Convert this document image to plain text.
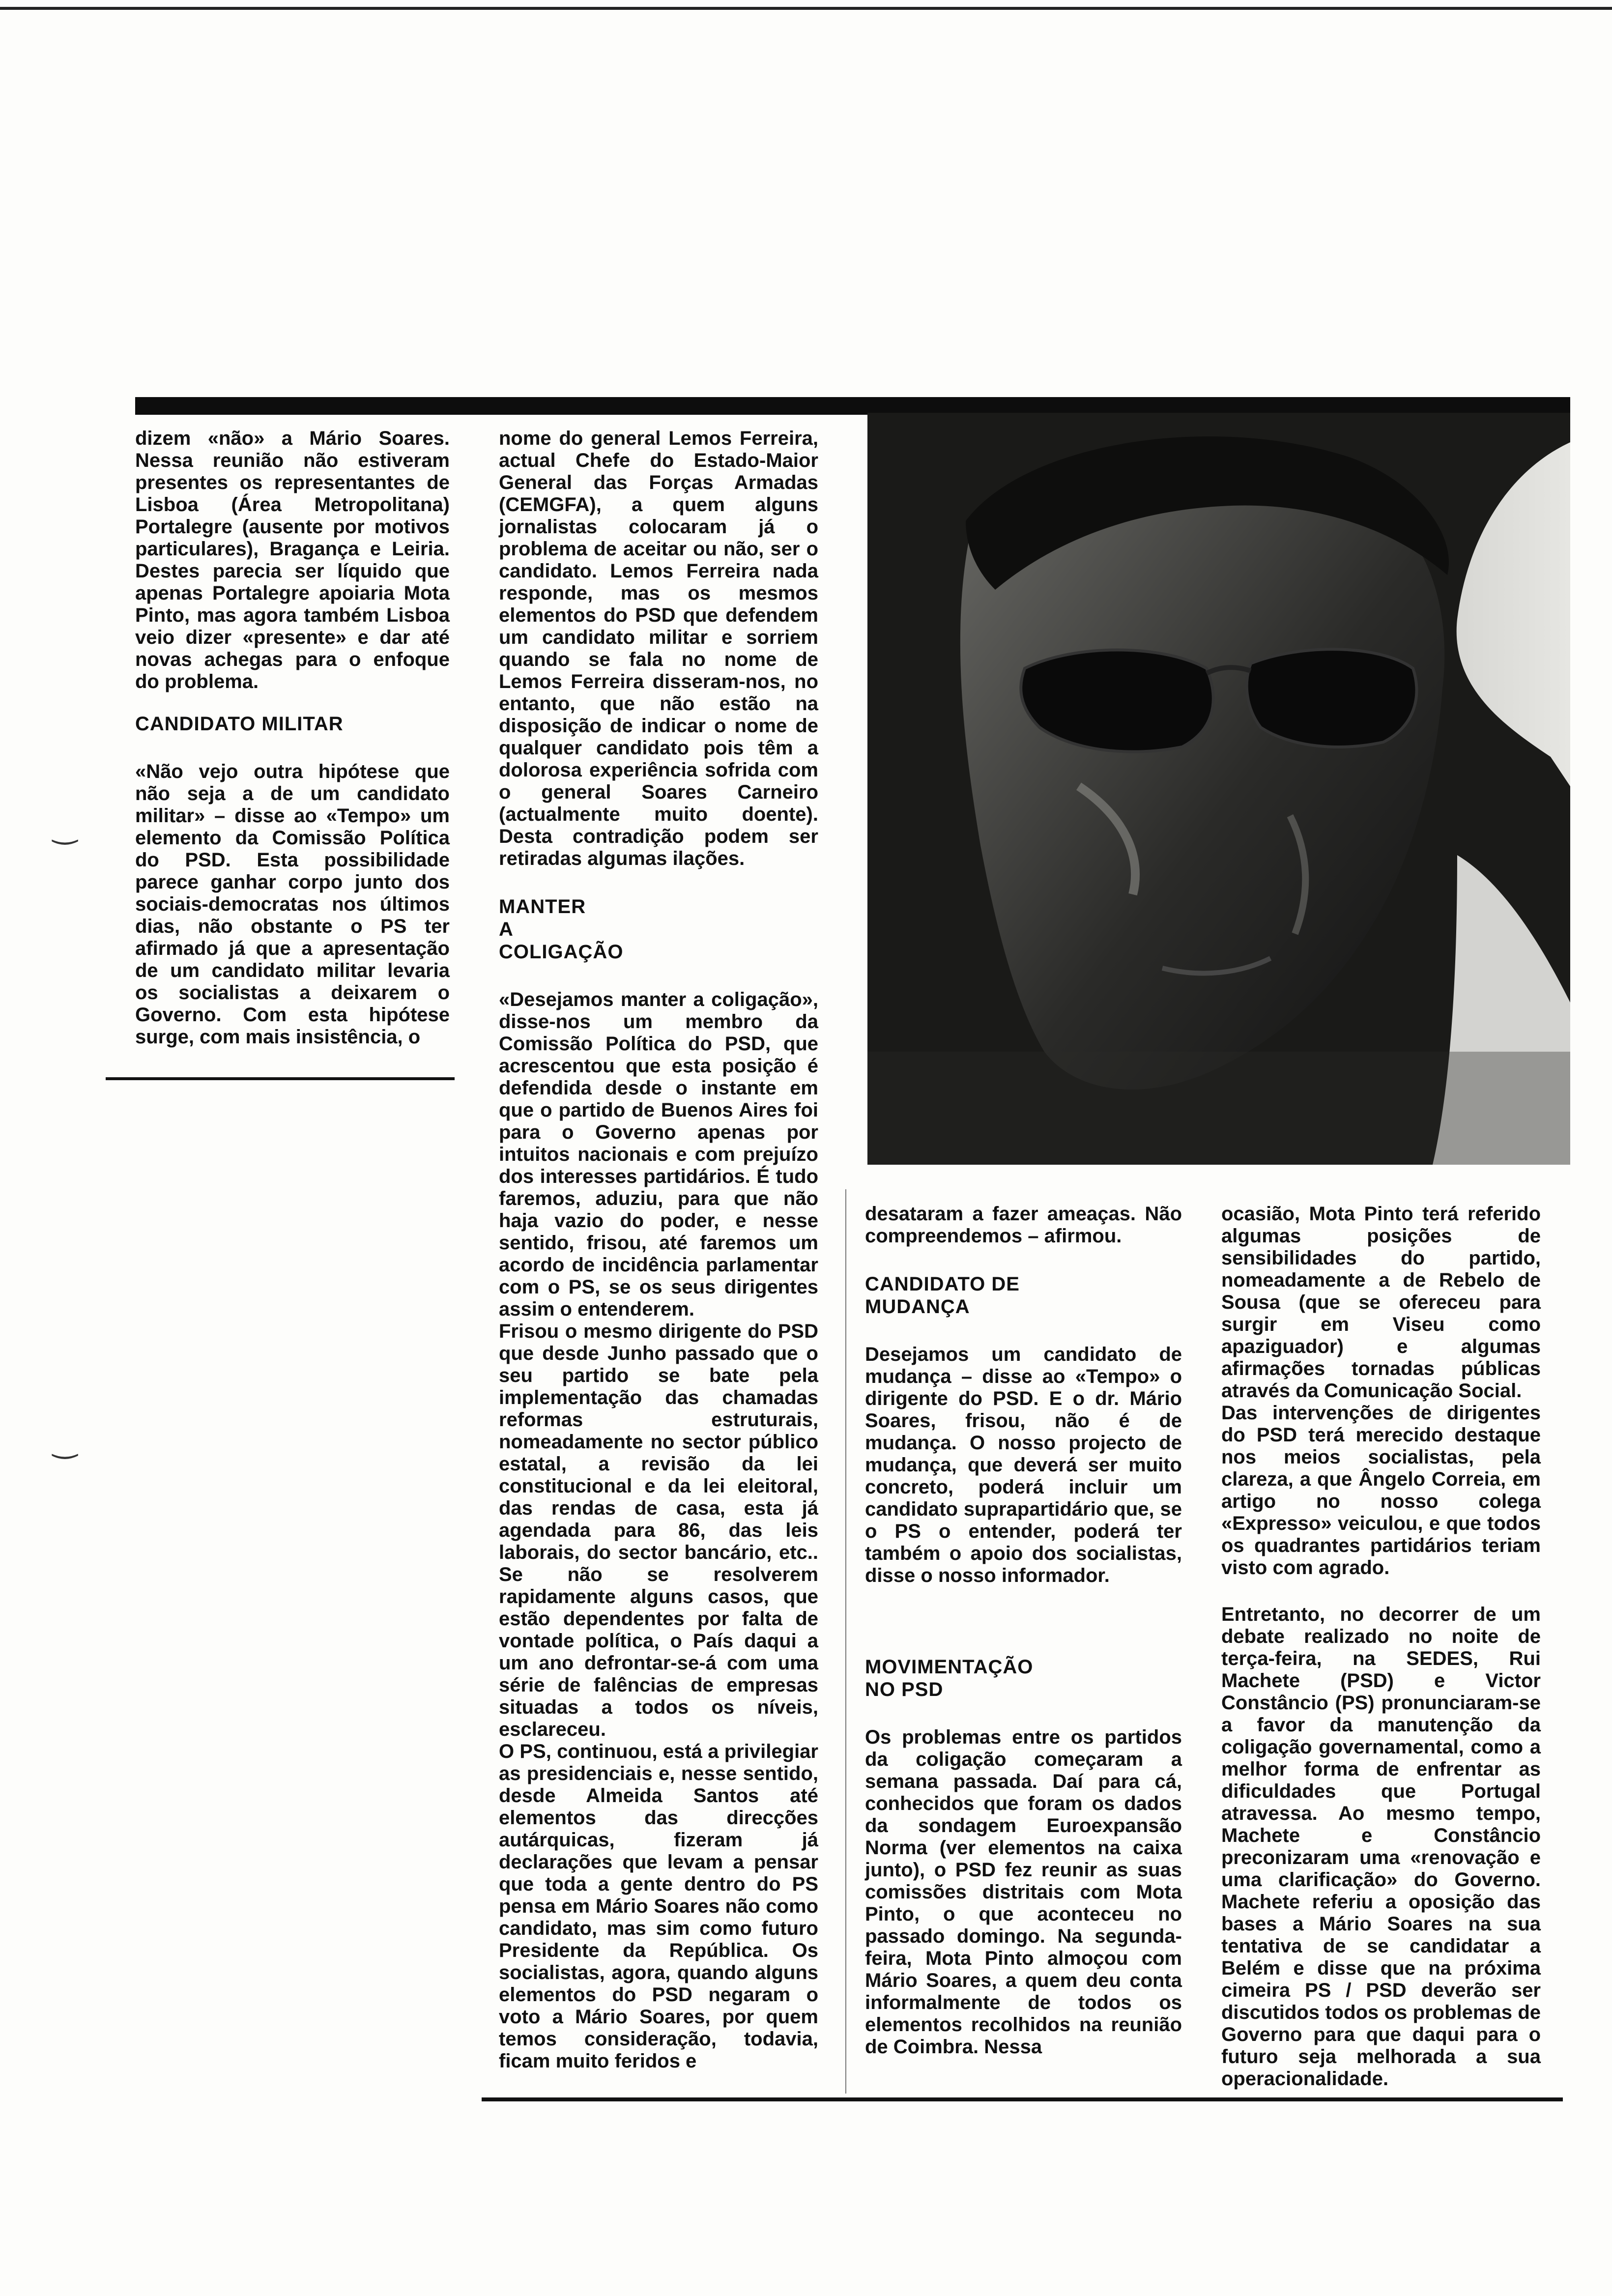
‿
‿

dizem «não» a Mário Soares. Nessa reunião não estiveram presentes os representantes de Lisboa (Área Metropolitana) Portalegre (ausente por motivos particulares), Bragança e Leiria. Destes parecia ser líquido que apenas Portalegre apoiaria Mota Pinto, mas agora também Lisboa veio dizer «presente» e dar até novas achegas para o enfoque do problema.

CANDIDATO MILITAR

«Não vejo outra hipótese que não seja a de um candidato militar» – disse ao «Tempo» um elemento da Comissão Política do PSD. Esta possibilidade parece ganhar corpo junto dos sociais-democratas nos últimos dias, não obstante o PS ter afirmado já que a apresentação de um candidato militar levaria os socialistas a deixarem o Governo. Com esta hipótese surge, com mais insistência, o

nome do general Lemos Ferreira, actual Chefe do Estado-Maior General das Forças Armadas (CEMGFA), a quem alguns jornalistas colocaram já o problema de aceitar ou não, ser o candidato. Lemos Ferreira nada responde, mas os mesmos elementos do PSD que defendem um candidato militar e sorriem quando se fala no nome de Lemos Ferreira disseram-nos, no entanto, que não estão na disposição de indicar o nome de qualquer candidato pois têm a dolorosa experiência sofrida com o general Soares Carneiro (actualmente muito doente). Desta contradição podem ser retiradas algumas ilações.

MANTER A COLIGAÇÃO

«Desejamos manter a coligação», disse-nos um membro da Comissão Política do PSD, que acrescentou que esta posição é defendida desde o instante em que o partido de Buenos Aires foi para o Governo apenas por intuitos nacionais e com prejuízo dos interesses partidários. É tudo faremos, aduziu, para que não haja vazio do poder, e nesse sentido, frisou, até faremos um acordo de incidência parlamentar com o PS, se os seus dirigentes assim o entenderem.

Frisou o mesmo dirigente do PSD que desde Junho passado que o seu partido se bate pela implementação das chamadas reformas estruturais, nomeadamente no sector público estatal, a revisão da lei constitucional e da lei eleitoral, das rendas de casa, esta já agendada para 86, das leis laborais, do sector bancário, etc.. Se não se resolverem rapidamente alguns casos, que estão dependentes por falta de vontade política, o País daqui a um ano defrontar-se-á com uma série de falências de empresas situadas a todos os níveis, esclareceu.

O PS, continuou, está a privilegiar as presidenciais e, nesse sentido, desde Almeida Santos até elementos das direcções autárquicas, fizeram já declarações que levam a pensar que toda a gente dentro do PS pensa em Mário Soares não como candidato, mas sim como futuro Presidente da República. Os socialistas, agora, quando alguns elementos do PSD negaram o voto a Mário Soares, por quem temos consideração, todavia, ficam muito feridos e

desataram a fazer ameaças. Não compreendemos – afirmou.

CANDIDATO DE MUDANÇA

Desejamos um candidato de mudança – disse ao «Tempo» o dirigente do PSD. E o dr. Mário Soares, frisou, não é de mudança. O nosso projecto de mudança, que deverá ser muito concreto, poderá incluir um candidato suprapartidário que, se o PS o entender, poderá ter também o apoio dos socialistas, disse o nosso informador.

MOVIMENTAÇÃO NO PSD

Os problemas entre os partidos da coligação começaram a semana passada. Daí para cá, conhecidos que foram os dados da sondagem Euroexpansão Norma (ver elementos na caixa junto), o PSD fez reunir as suas comissões distritais com Mota Pinto, o que aconteceu no passado domingo. Na segunda-feira, Mota Pinto almoçou com Mário Soares, a quem deu conta informalmente de todos os elementos recolhidos na reunião de Coimbra. Nessa

ocasião, Mota Pinto terá referido algumas posições de sensibilidades do partido, nomeadamente a de Rebelo de Sousa (que se ofereceu para surgir em Viseu como apaziguador) e algumas afirmações tornadas públicas através da Comunicação Social.

Das intervenções de dirigentes do PSD terá merecido destaque nos meios socialistas, pela clareza, a que Ângelo Correia, em artigo no nosso colega «Expresso» veiculou, e que todos os quadrantes partidários teriam visto com agrado.

Entretanto, no decorrer de um debate realizado no noite de terça-feira, na SEDES, Rui Machete (PSD) e Victor Constâncio (PS) pronunciaram-se a favor da manutenção da coligação governamental, como a melhor forma de enfrentar as dificuldades que Portugal atravessa. Ao mesmo tempo, Machete e Constâncio preconizaram uma «renovação e uma clarificação» do Governo. Machete referiu a oposição das bases a Mário Soares na sua tentativa de se candidatar a Belém e disse que na próxima cimeira PS / PSD deverão ser discutidos todos os problemas de Governo para que daqui para o futuro seja melhorada a sua operacionalidade.
